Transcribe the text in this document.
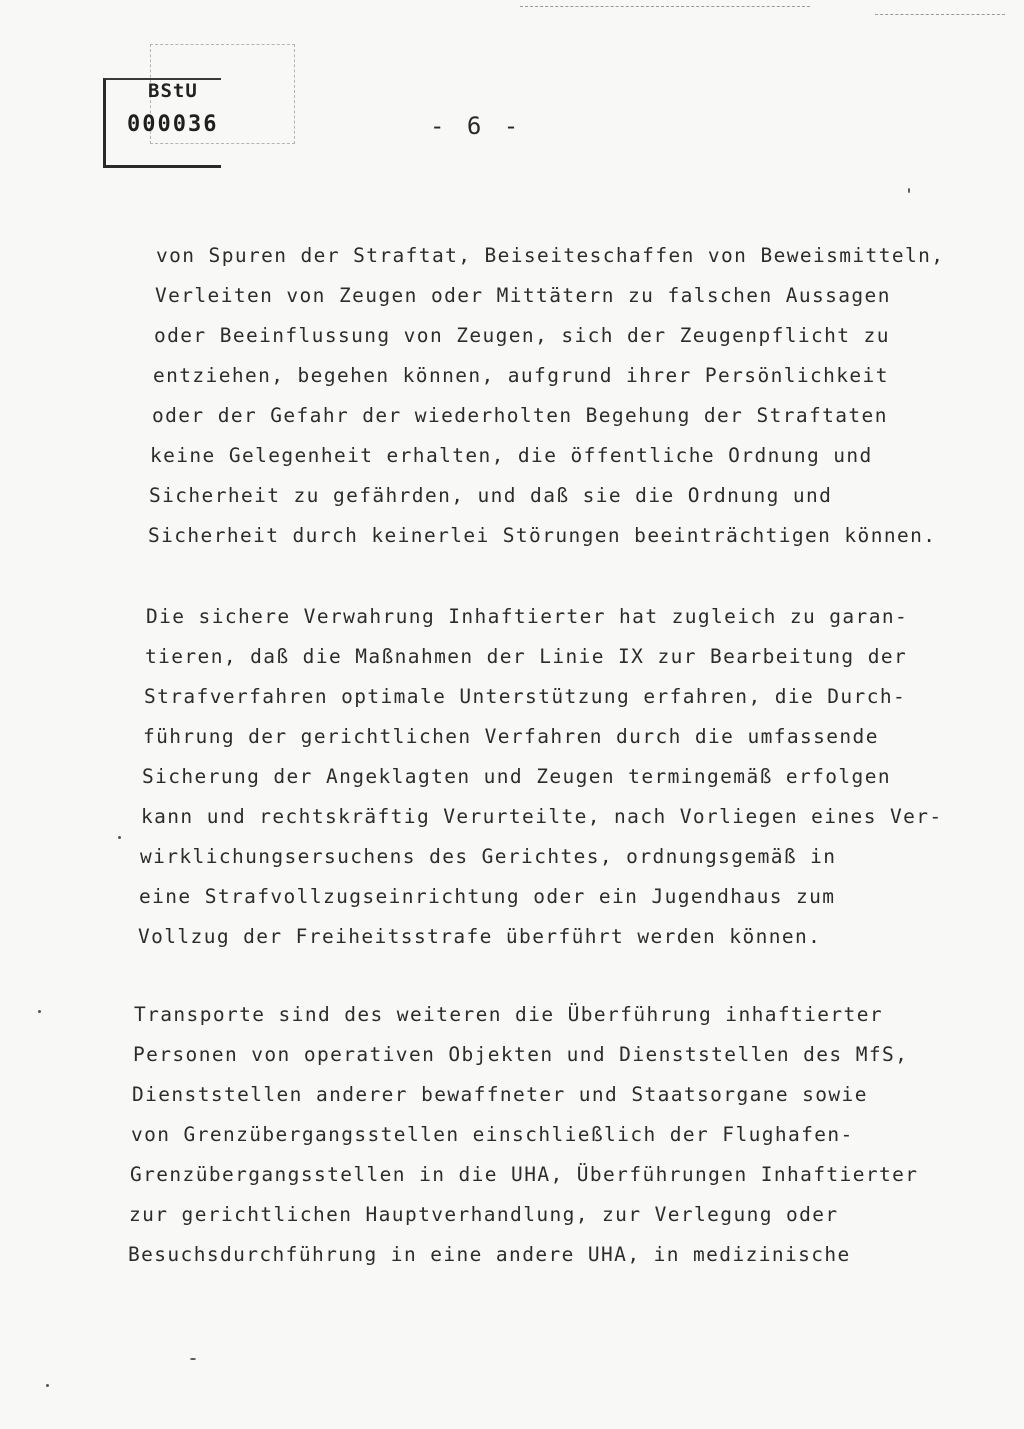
BStU
000036	- 6 -
von Spuren der Straftat, Beiseiteschaffen von Beweismitteln,
Verleiten von Zeugen oder Mittätern zu falschen Aussagen
oder Beeinflussung von Zeugen, sich der Zeugenpflicht zu
entziehen, begehen können, aufgrund ihrer Persönlichkeit
oder der Gefahr der wiederholten Begehung der Straftaten
keine Gelegenheit erhalten, die öffentliche Ordnung und
Sicherheit zu gefährden, und daß sie die Ordnung und
Sicherheit durch keinerlei Störungen beeinträchtigen können.
Die sichere Verwahrung Inhaftierter hat zugleich zu garan-
tieren, daß die Maßnahmen der Linie IX zur Bearbeitung der
Strafverfahren optimale Unterstützung erfahren, die Durch-
führung der gerichtlichen Verfahren durch die umfassende
Sicherung der Angeklagten und Zeugen termingemäß erfolgen
kann und rechtskräftig Verurteilte, nach Vorliegen eines Ver-
wirklichungsersuchens des Gerichtes, ordnungsgemäß in
eine Strafvollzugseinrichtung oder ein Jugendhaus zum
Vollzug der Freiheitsstrafe überführt werden können.
Transporte sind des weiteren die Überführung inhaftierter
Personen von operativen Objekten und Dienststellen des MfS,
Dienststellen anderer bewaffneter und Staatsorgane sowie
von Grenzübergangsstellen einschließlich der Flughafen-
Grenzübergangsstellen in die UHA, Überführungen Inhaftierter
zur gerichtlichen Hauptverhandlung, zur Verlegung oder
Besuchsdurchführung in eine andere UHA, in medizinische
